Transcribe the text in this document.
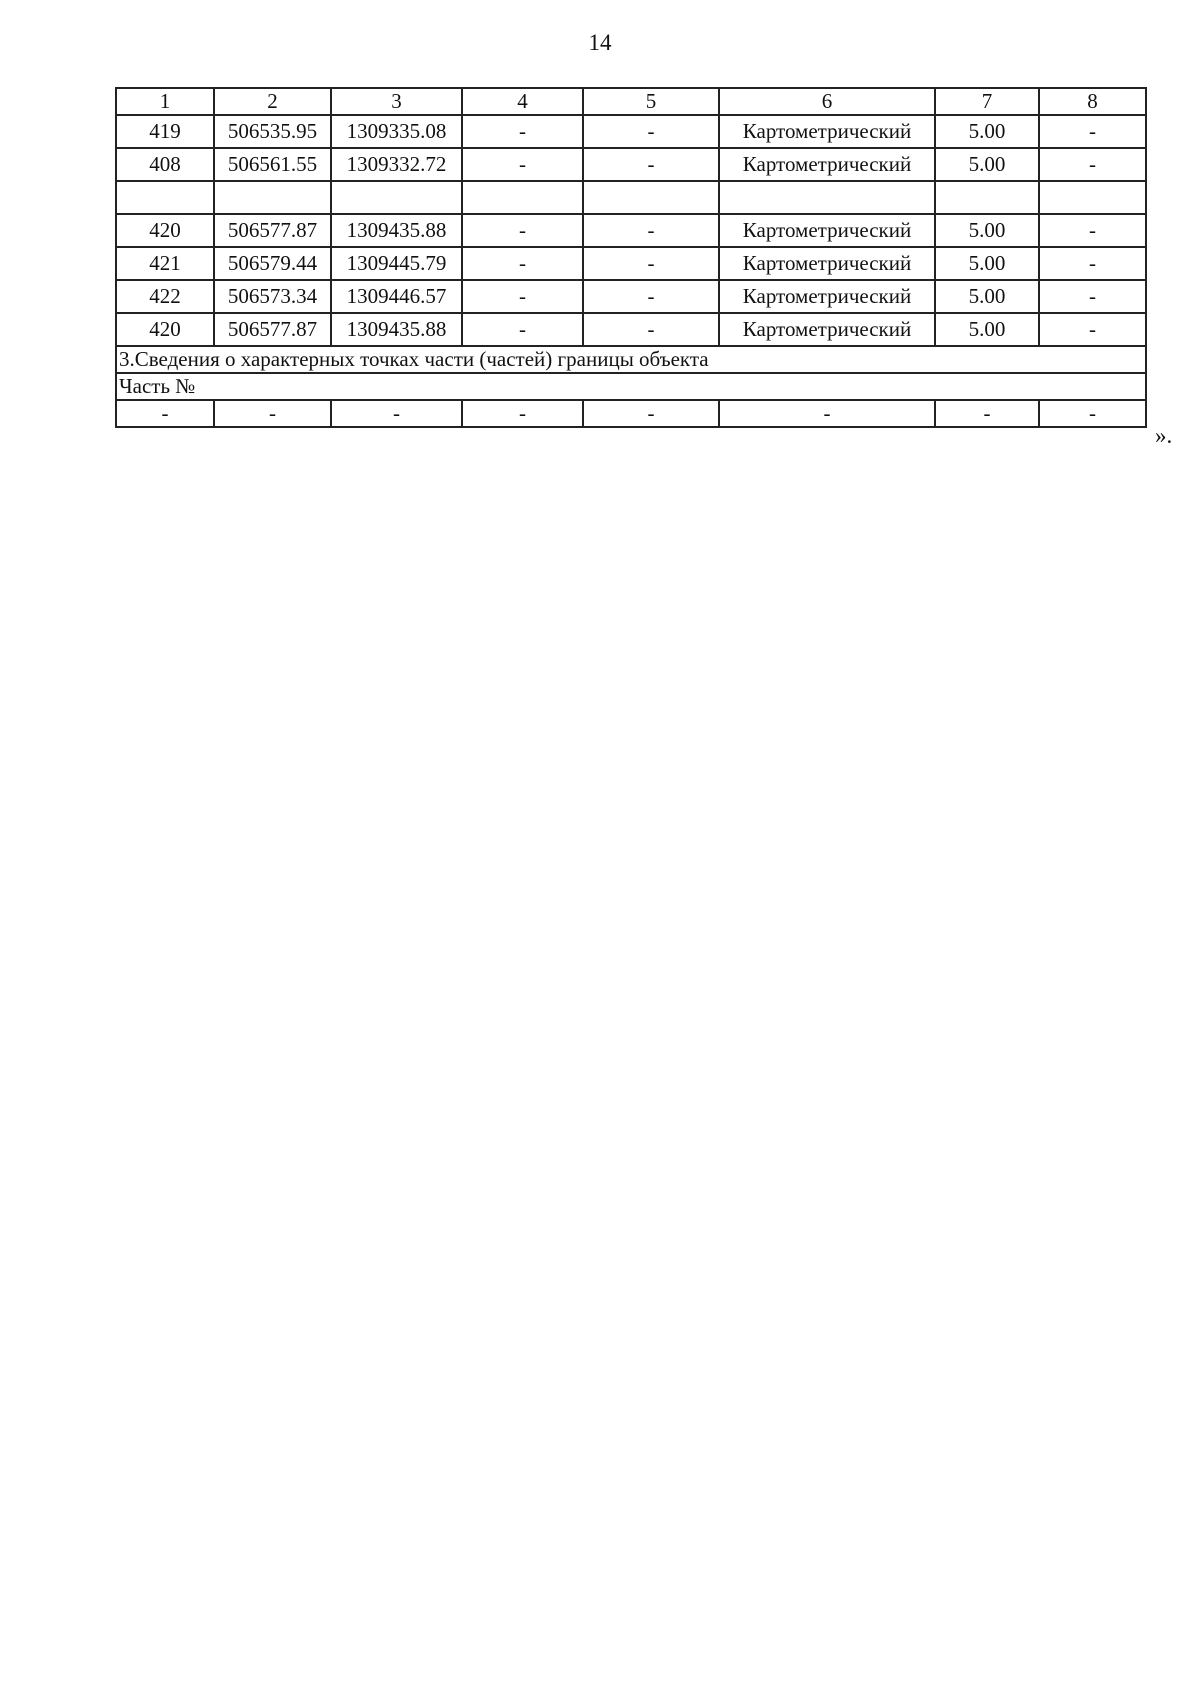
14
1	2	3	4	5	6	7	8
419	506535.95	1309335.08	-	-	Картометрический	5.00	-
408	506561.55	1309332.72	-	-	Картометрический	5.00	-

420	506577.87	1309435.88	-	-	Картометрический	5.00	-
421	506579.44	1309445.79	-	-	Картометрический	5.00	-
422	506573.34	1309446.57	-	-	Картометрический	5.00	-
420	506577.87	1309435.88	-	-	Картометрический	5.00	-
3.Сведения о характерных точках части (частей) границы объекта							
Часть №							
-	-	-	-	-	-	-	-
».
